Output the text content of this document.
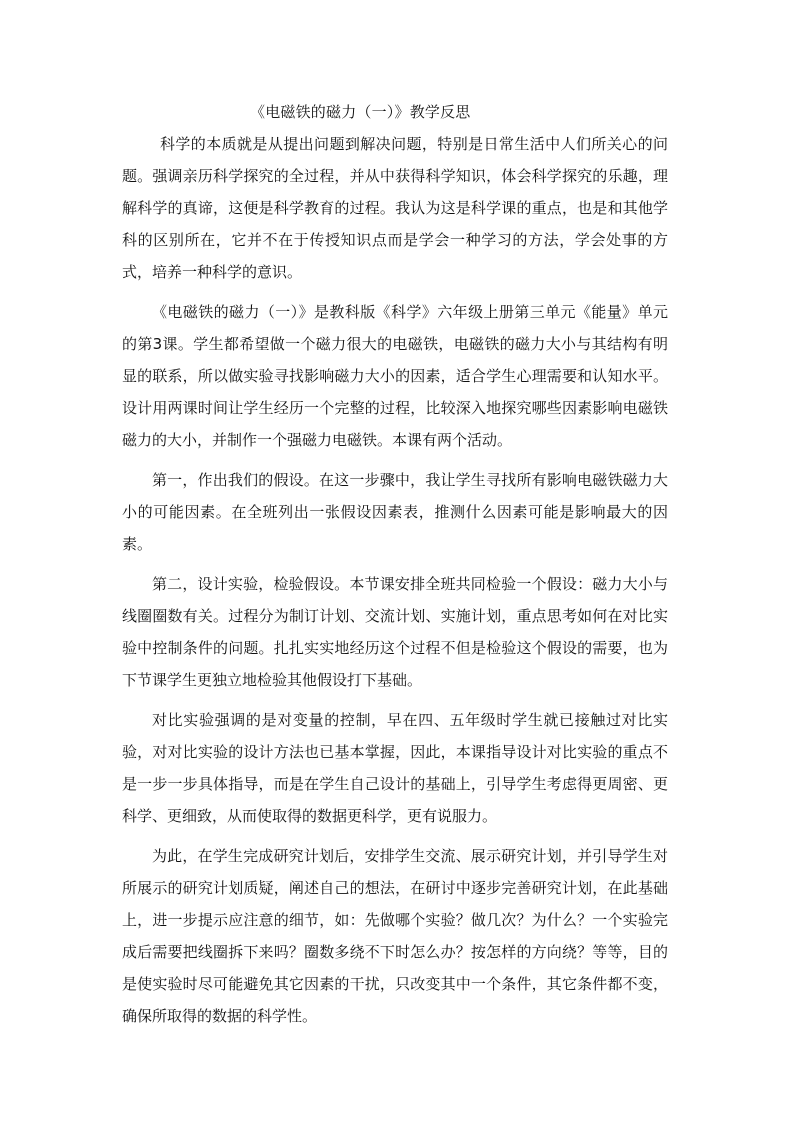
《电磁铁的磁力（一）》教学反思

科学的本质就是从提出问题到解决问题，特别是日常生活中人们所关心的问题。强调亲历科学探究的全过程，并从中获得科学知识，体会科学探究的乐趣，理解科学的真谛，这便是科学教育的过程。我认为这是科学课的重点，也是和其他学科的区别所在，它并不在于传授知识点而是学会一种学习的方法，学会处事的方式，培养一种科学的意识。

《电磁铁的磁力（一）》是教科版《科学》六年级上册第三单元《能量》单元的第3课。学生都希望做一个磁力很大的电磁铁，电磁铁的磁力大小与其结构有明显的联系，所以做实验寻找影响磁力大小的因素，适合学生心理需要和认知水平。设计用两课时间让学生经历一个完整的过程，比较深入地探究哪些因素影响电磁铁磁力的大小，并制作一个强磁力电磁铁。本课有两个活动。

第一，作出我们的假设。在这一步骤中，我让学生寻找所有影响电磁铁磁力大小的可能因素。在全班列出一张假设因素表，推测什么因素可能是影响最大的因素。

第二，设计实验，检验假设。本节课安排全班共同检验一个假设：磁力大小与线圈圈数有关。过程分为制订计划、交流计划、实施计划，重点思考如何在对比实验中控制条件的问题。扎扎实实地经历这个过程不但是检验这个假设的需要，也为下节课学生更独立地检验其他假设打下基础。

对比实验强调的是对变量的控制，早在四、五年级时学生就已接触过对比实验，对对比实验的设计方法也已基本掌握，因此，本课指导设计对比实验的重点不是一步一步具体指导，而是在学生自己设计的基础上，引导学生考虑得更周密、更科学、更细致，从而使取得的数据更科学，更有说服力。

为此，在学生完成研究计划后，安排学生交流、展示研究计划，并引导学生对所展示的研究计划质疑，阐述自己的想法，在研讨中逐步完善研究计划，在此基础上，进一步提示应注意的细节，如：先做哪个实验？做几次？为什么？一个实验完成后需要把线圈拆下来吗？圈数多绕不下时怎么办？按怎样的方向绕？等等，目的是使实验时尽可能避免其它因素的干扰，只改变其中一个条件，其它条件都不变，确保所取得的数据的科学性。
